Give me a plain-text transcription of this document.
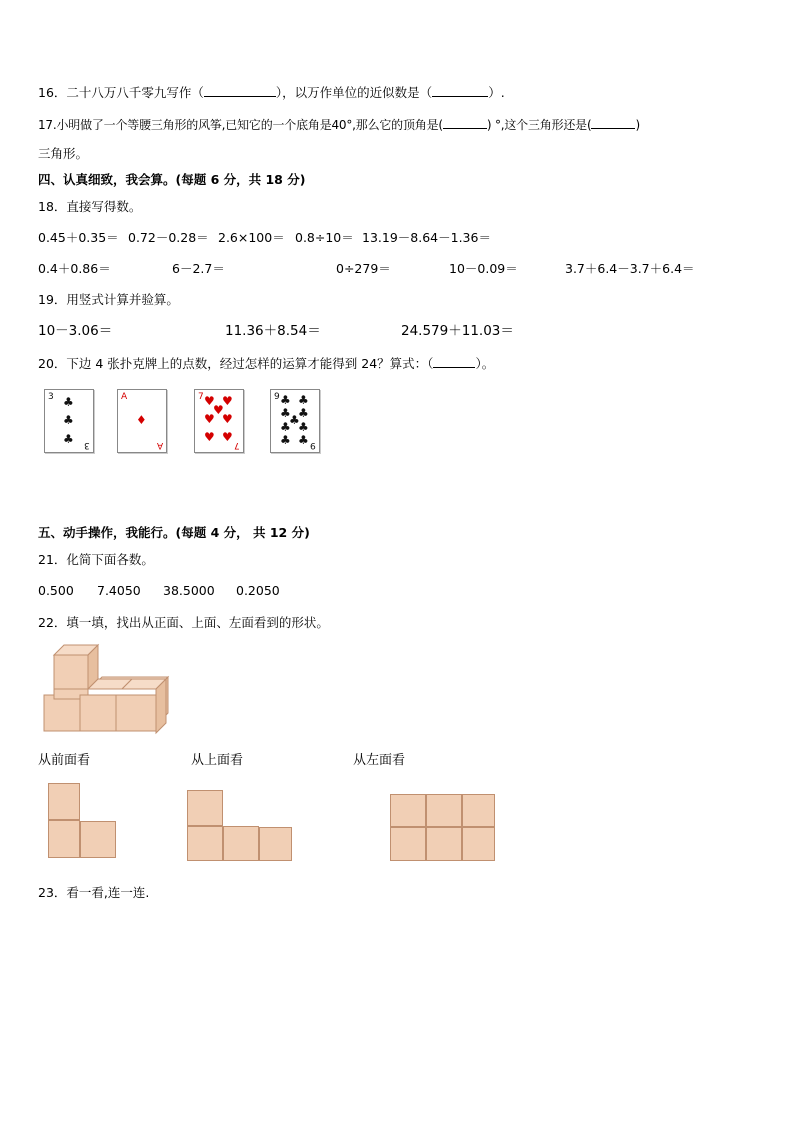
16．二十八万八千零九写作（	），以万作单位的近似数是（	）.
17.小明做了一个等腰三角形的风筝,已知它的一个底角是40°,那么它的顶角是(	) °,这个三角形还是(	)
三角形。
四、认真细致，我会算。(每题 6 分，共 18 分)
18．直接写得数。
0.45＋0.35＝ 0.72－0.28＝ 2.6×100＝ 0.8÷10＝ 13.19－8.64－1.36＝
0.4＋0.86＝	6－2.7＝	0÷279＝	10－0.09＝	3.7＋6.4－3.7＋6.4＝
19．用竖式计算并验算。
10－3.06＝	11.36＋8.54＝	24.579＋11.03＝
20．下边 4 张扑克牌上的点数，经过怎样的运算才能得到 24？算式：（	）。
3 ♣
♣
♣ 3
A
♦
A
7 ♥ ♥
♥
♥ ♥
♥ ♥
7
9 ♣ ♣
♣ ♣
♣
♣ ♣
♣ ♣ 9
五、动手操作，我能行。(每题 4 分， 共 12 分)
21．化简下面各数。
0.500 7.4050 38.5000 0.2050
22．填一填，找出从正面、上面、左面看到的形状。
从前面看	从上面看	从左面看
23．看一看,连一连.
